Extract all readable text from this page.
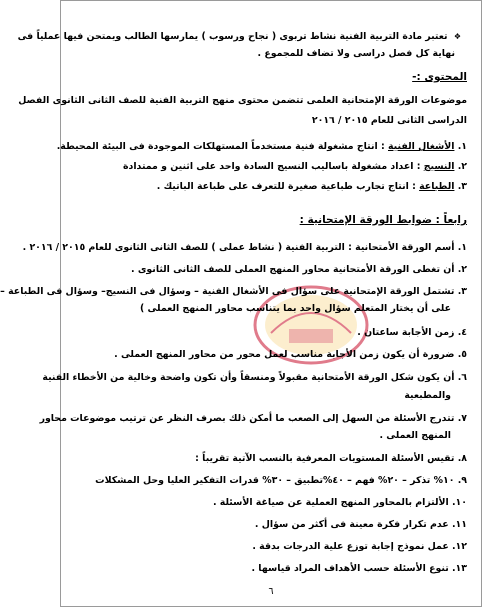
❖ تعتبر مادة التربية الفنية نشاط تربوى ( نجاح ورسوب ) يمارسها الطالب ويمتحن فيها عملياً فى
نهاية كل فصل دراسى ولا تضاف للمجموع .
المحتوى :-
موضوعات الورقة الإمتحانية العلمى تتضمن محتوى منهج التربية الفنية للصف الثانى الثانوى الفصل
الدراسى الثانى للعام ٢٠١٥ / ٢٠١٦
١. الأشغال الفنية : انتاج مشغولة فنية مستخدماً المستهلكات الموجودة فى البيئة المحيطة.
٢. النسيج : اعداد مشغولة باساليب النسيج السادة واحد على اثنين و ممتدادة
٣. الطباعة : انتاج تجارب طباعية صغيرة للتعرف على طباعة الباتيك .
رابعاً : ضوابط الورقة الإمتحانية :
١. أسم الورقة الأمتحانية : التربية الفنية ( نشاط عملى ) للصف الثانى الثانوى للعام ٢٠١٥ / ٢٠١٦ .
٢. أن تغطى الورقة الأمتحانية محاور المنهج العملى للصف الثانى الثانوى .
٣. تشتمل الورقة الإمتحانية على سؤال فى الأشغال الفنية – وسؤال فى النسيج– وسؤال فى الطباعة –
على أن يختار المتعلم سؤال واحد بما يتناسب محاور المنهج العملى )
٤. زمن الأجابة ساعتان .
٥. ضرورة أن يكون زمن الأجابة مناسب لعمل محور من محاور المنهج العملى .
٦. أن يكون شكل الورقة الأمتحانية مقبولاً ومنسقاً وأن تكون واضحة وخالية من الأخطاء الفنية
والمطبعية
٧. تتدرج الأسئلة من السهل إلى الصعب ما أمكن ذلك بصرف النظر عن ترتيب موضوعات محاور
المنهج العملى .
٨. تقيس الأسئلة المستويات المعرفية بالنسب الآتية تقريباً :
٩. ١٠% تذكر – ٢٠% فهم – ٤٠%تطبيق – ٣٠% قدرات التفكير العليا وحل المشكلات
١٠. الألتزام بالمحاور المنهج العملية عن صياغة الأسئلة .
١١. عدم تكرار فكرة معينة فى أكثر من سؤال .
١٢. عمل نموذج إجابة توزع علية الدرجات بدقة .
١٣. تنوع الأسئلة حسب الأهداف المراد قياسها .
٦
